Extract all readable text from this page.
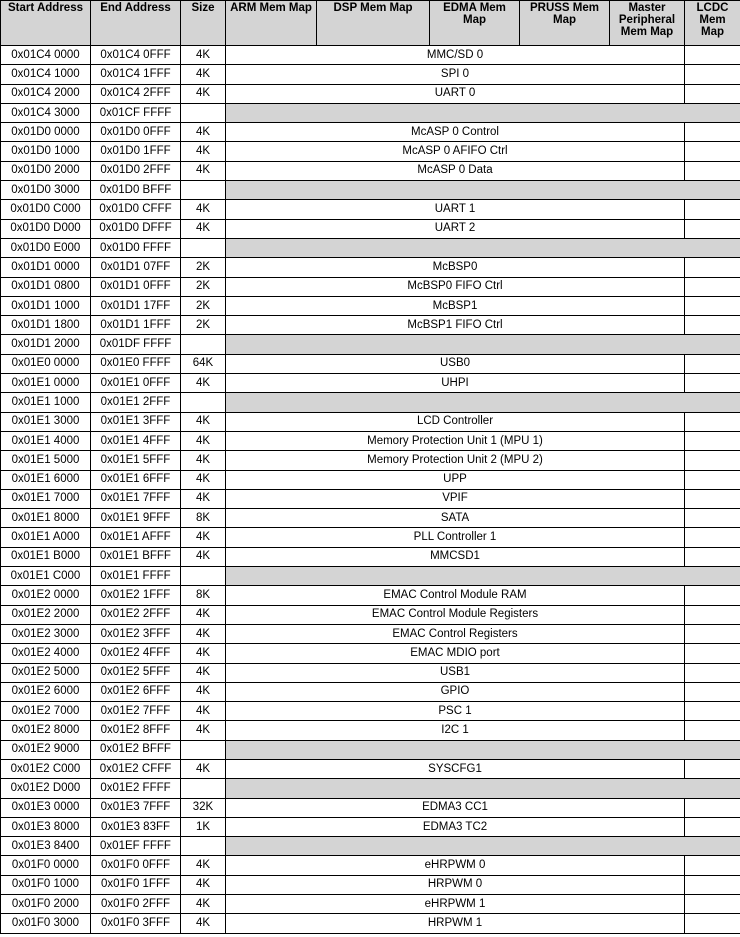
Start Address	End Address	Size	ARM Mem Map	DSP Mem Map	EDMA Mem Map	PRUSS Mem Map	Master Peripheral Mem Map	LCDC Mem Map
0x01C4 0000	0x01C4 0FFF	4K	MMC/SD 0					
0x01C4 1000	0x01C4 1FFF	4K	SPI 0					
0x01C4 2000	0x01C4 2FFF	4K	UART 0					
0x01C4 3000	0x01CF FFFF							
0x01D0 0000	0x01D0 0FFF	4K	McASP 0 Control					
0x01D0 1000	0x01D0 1FFF	4K	McASP 0 AFIFO Ctrl					
0x01D0 2000	0x01D0 2FFF	4K	McASP 0 Data					
0x01D0 3000	0x01D0 BFFF							
0x01D0 C000	0x01D0 CFFF	4K	UART 1					
0x01D0 D000	0x01D0 DFFF	4K	UART 2					
0x01D0 E000	0x01D0 FFFF							
0x01D1 0000	0x01D1 07FF	2K	McBSP0					
0x01D1 0800	0x01D1 0FFF	2K	McBSP0 FIFO Ctrl					
0x01D1 1000	0x01D1 17FF	2K	McBSP1					
0x01D1 1800	0x01D1 1FFF	2K	McBSP1 FIFO Ctrl					
0x01D1 2000	0x01DF FFFF							
0x01E0 0000	0x01E0 FFFF	64K	USB0					
0x01E1 0000	0x01E1 0FFF	4K	UHPI					
0x01E1 1000	0x01E1 2FFF							
0x01E1 3000	0x01E1 3FFF	4K	LCD Controller					
0x01E1 4000	0x01E1 4FFF	4K	Memory Protection Unit 1 (MPU 1)					
0x01E1 5000	0x01E1 5FFF	4K	Memory Protection Unit 2 (MPU 2)					
0x01E1 6000	0x01E1 6FFF	4K	UPP					
0x01E1 7000	0x01E1 7FFF	4K	VPIF					
0x01E1 8000	0x01E1 9FFF	8K	SATA					
0x01E1 A000	0x01E1 AFFF	4K	PLL Controller 1					
0x01E1 B000	0x01E1 BFFF	4K	MMCSD1					
0x01E1 C000	0x01E1 FFFF							
0x01E2 0000	0x01E2 1FFF	8K	EMAC Control Module RAM					
0x01E2 2000	0x01E2 2FFF	4K	EMAC Control Module Registers					
0x01E2 3000	0x01E2 3FFF	4K	EMAC Control Registers					
0x01E2 4000	0x01E2 4FFF	4K	EMAC MDIO port					
0x01E2 5000	0x01E2 5FFF	4K	USB1					
0x01E2 6000	0x01E2 6FFF	4K	GPIO					
0x01E2 7000	0x01E2 7FFF	4K	PSC 1					
0x01E2 8000	0x01E2 8FFF	4K	I2C 1					
0x01E2 9000	0x01E2 BFFF							
0x01E2 C000	0x01E2 CFFF	4K	SYSCFG1					
0x01E2 D000	0x01E2 FFFF							
0x01E3 0000	0x01E3 7FFF	32K	EDMA3 CC1					
0x01E3 8000	0x01E3 83FF	1K	EDMA3 TC2					
0x01E3 8400	0x01EF FFFF							
0x01F0 0000	0x01F0 0FFF	4K	eHRPWM 0					
0x01F0 1000	0x01F0 1FFF	4K	HRPWM 0					
0x01F0 2000	0x01F0 2FFF	4K	eHRPWM 1					
0x01F0 3000	0x01F0 3FFF	4K	HRPWM 1					
